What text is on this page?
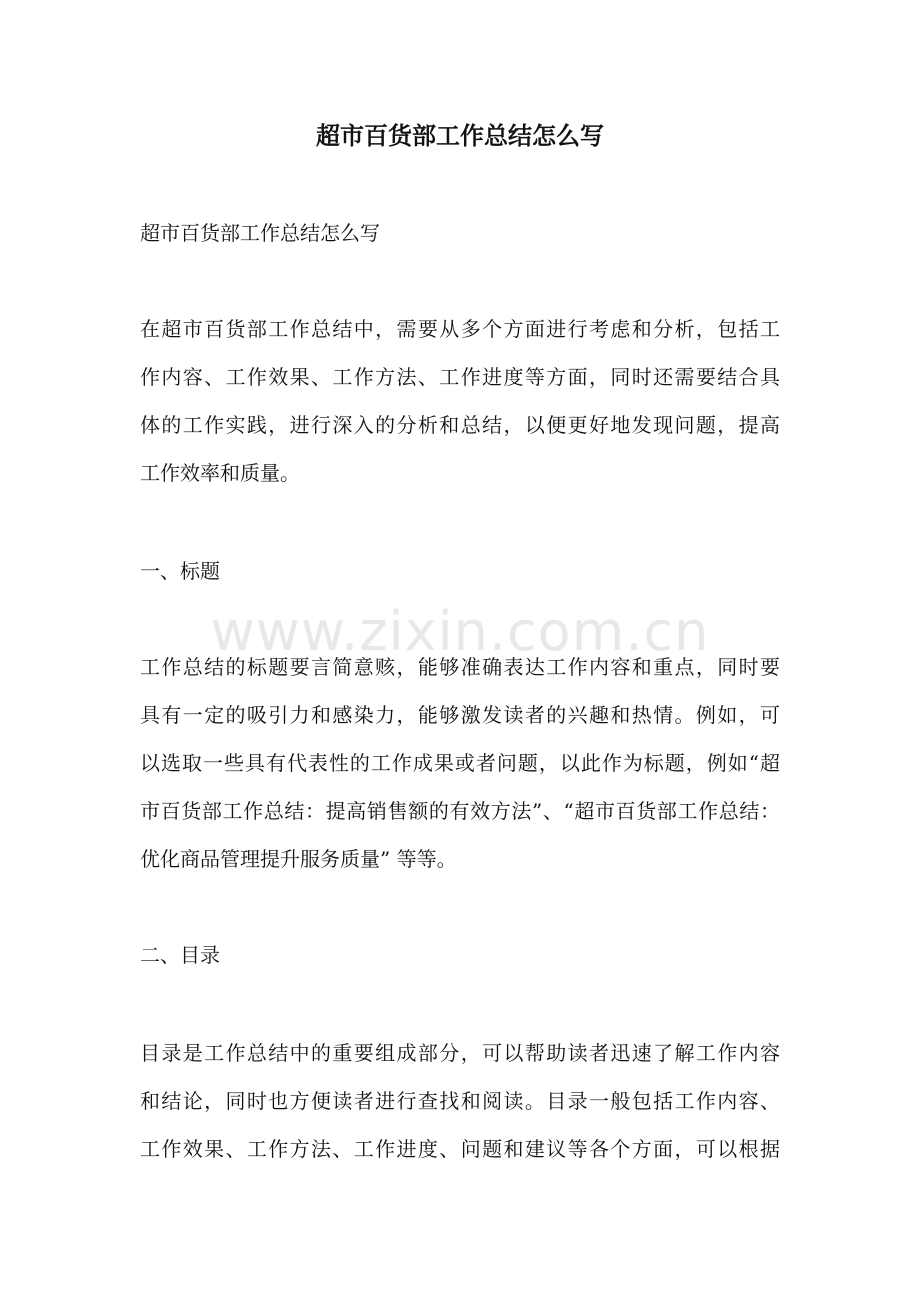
超市百货部工作总结怎么写

超市百货部工作总结怎么写

在超市百货部工作总结中，需要从多个方面进行考虑和分析，包括工

作内容、工作效果、工作方法、工作进度等方面，同时还需要结合具

体的工作实践，进行深入的分析和总结，以便更好地发现问题，提高

工作效率和质量。

一、标题

工作总结的标题要言简意赅，能够准确表达工作内容和重点，同时要

具有一定的吸引力和感染力，能够激发读者的兴趣和热情。例如，可

以选取一些具有代表性的工作成果或者问题，以此作为标题，例如“超

市百货部工作总结：提高销售额的有效方法”、“超市百货部工作总结：

优化商品管理提升服务质量” 等等。

二、目录

目录是工作总结中的重要组成部分，可以帮助读者迅速了解工作内容

和结论，同时也方便读者进行查找和阅读。目录一般包括工作内容、

工作效果、工作方法、工作进度、问题和建议等各个方面，可以根据

www.zixin.com.cn
